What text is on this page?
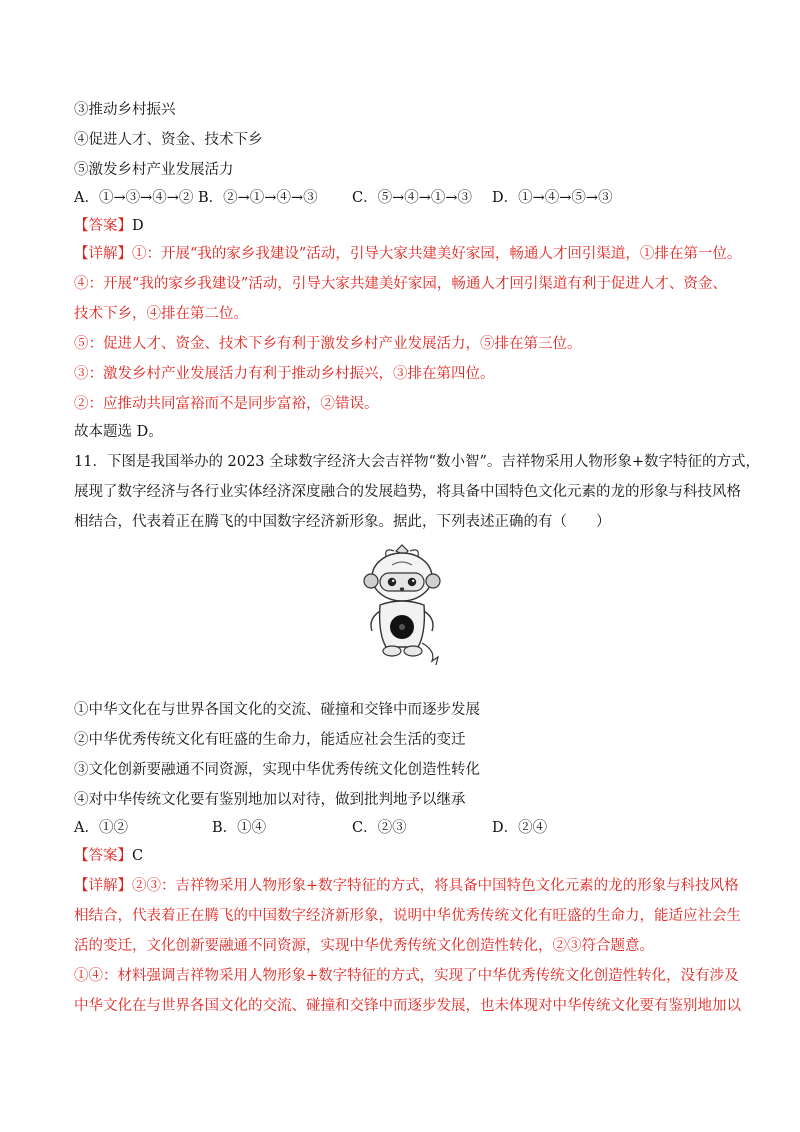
③推动乡村振兴
④促进人才、资金、技术下乡
⑤激发乡村产业发展活力
A．①→③→④→② B．②→①→④→③ C．⑤→④→①→③ D．①→④→⑤→③
【答案】D
【详解】①：开展“我的家乡我建设”活动，引导大家共建美好家园，畅通人才回引渠道，①排在第一位。
④：开展“我的家乡我建设”活动，引导大家共建美好家园，畅通人才回引渠道有利于促进人才、资金、
技术下乡，④排在第二位。
⑤：促进人才、资金、技术下乡有利于激发乡村产业发展活力，⑤排在第三位。
③：激发乡村产业发展活力有利于推动乡村振兴，③排在第四位。
②：应推动共同富裕而不是同步富裕，②错误。
故本题选 D。
11．下图是我国举办的 2023 全球数字经济大会吉祥物“数小智”。吉祥物采用人物形象+数字特征的方式，
展现了数字经济与各行业实体经济深度融合的发展趋势，将具备中国特色文化元素的龙的形象与科技风格
相结合，代表着正在腾飞的中国数字经济新形象。据此，下列表述正确的有（　　）
①中华文化在与世界各国文化的交流、碰撞和交锋中而逐步发展
②中华优秀传统文化有旺盛的生命力，能适应社会生活的变迁
③文化创新要融通不同资源，实现中华优秀传统文化创造性转化
④对中华传统文化要有鉴别地加以对待，做到批判地予以继承
A．①②	B．①④	C．②③	D．②④
【答案】C
【详解】②③：吉祥物采用人物形象+数字特征的方式，将具备中国特色文化元素的龙的形象与科技风格
相结合，代表着正在腾飞的中国数字经济新形象，说明中华优秀传统文化有旺盛的生命力，能适应社会生
活的变迁，文化创新要融通不同资源，实现中华优秀传统文化创造性转化，②③符合题意。
①④：材料强调吉祥物采用人物形象+数字特征的方式，实现了中华优秀传统文化创造性转化，没有涉及
中华文化在与世界各国文化的交流、碰撞和交锋中而逐步发展，也未体现对中华传统文化要有鉴别地加以
